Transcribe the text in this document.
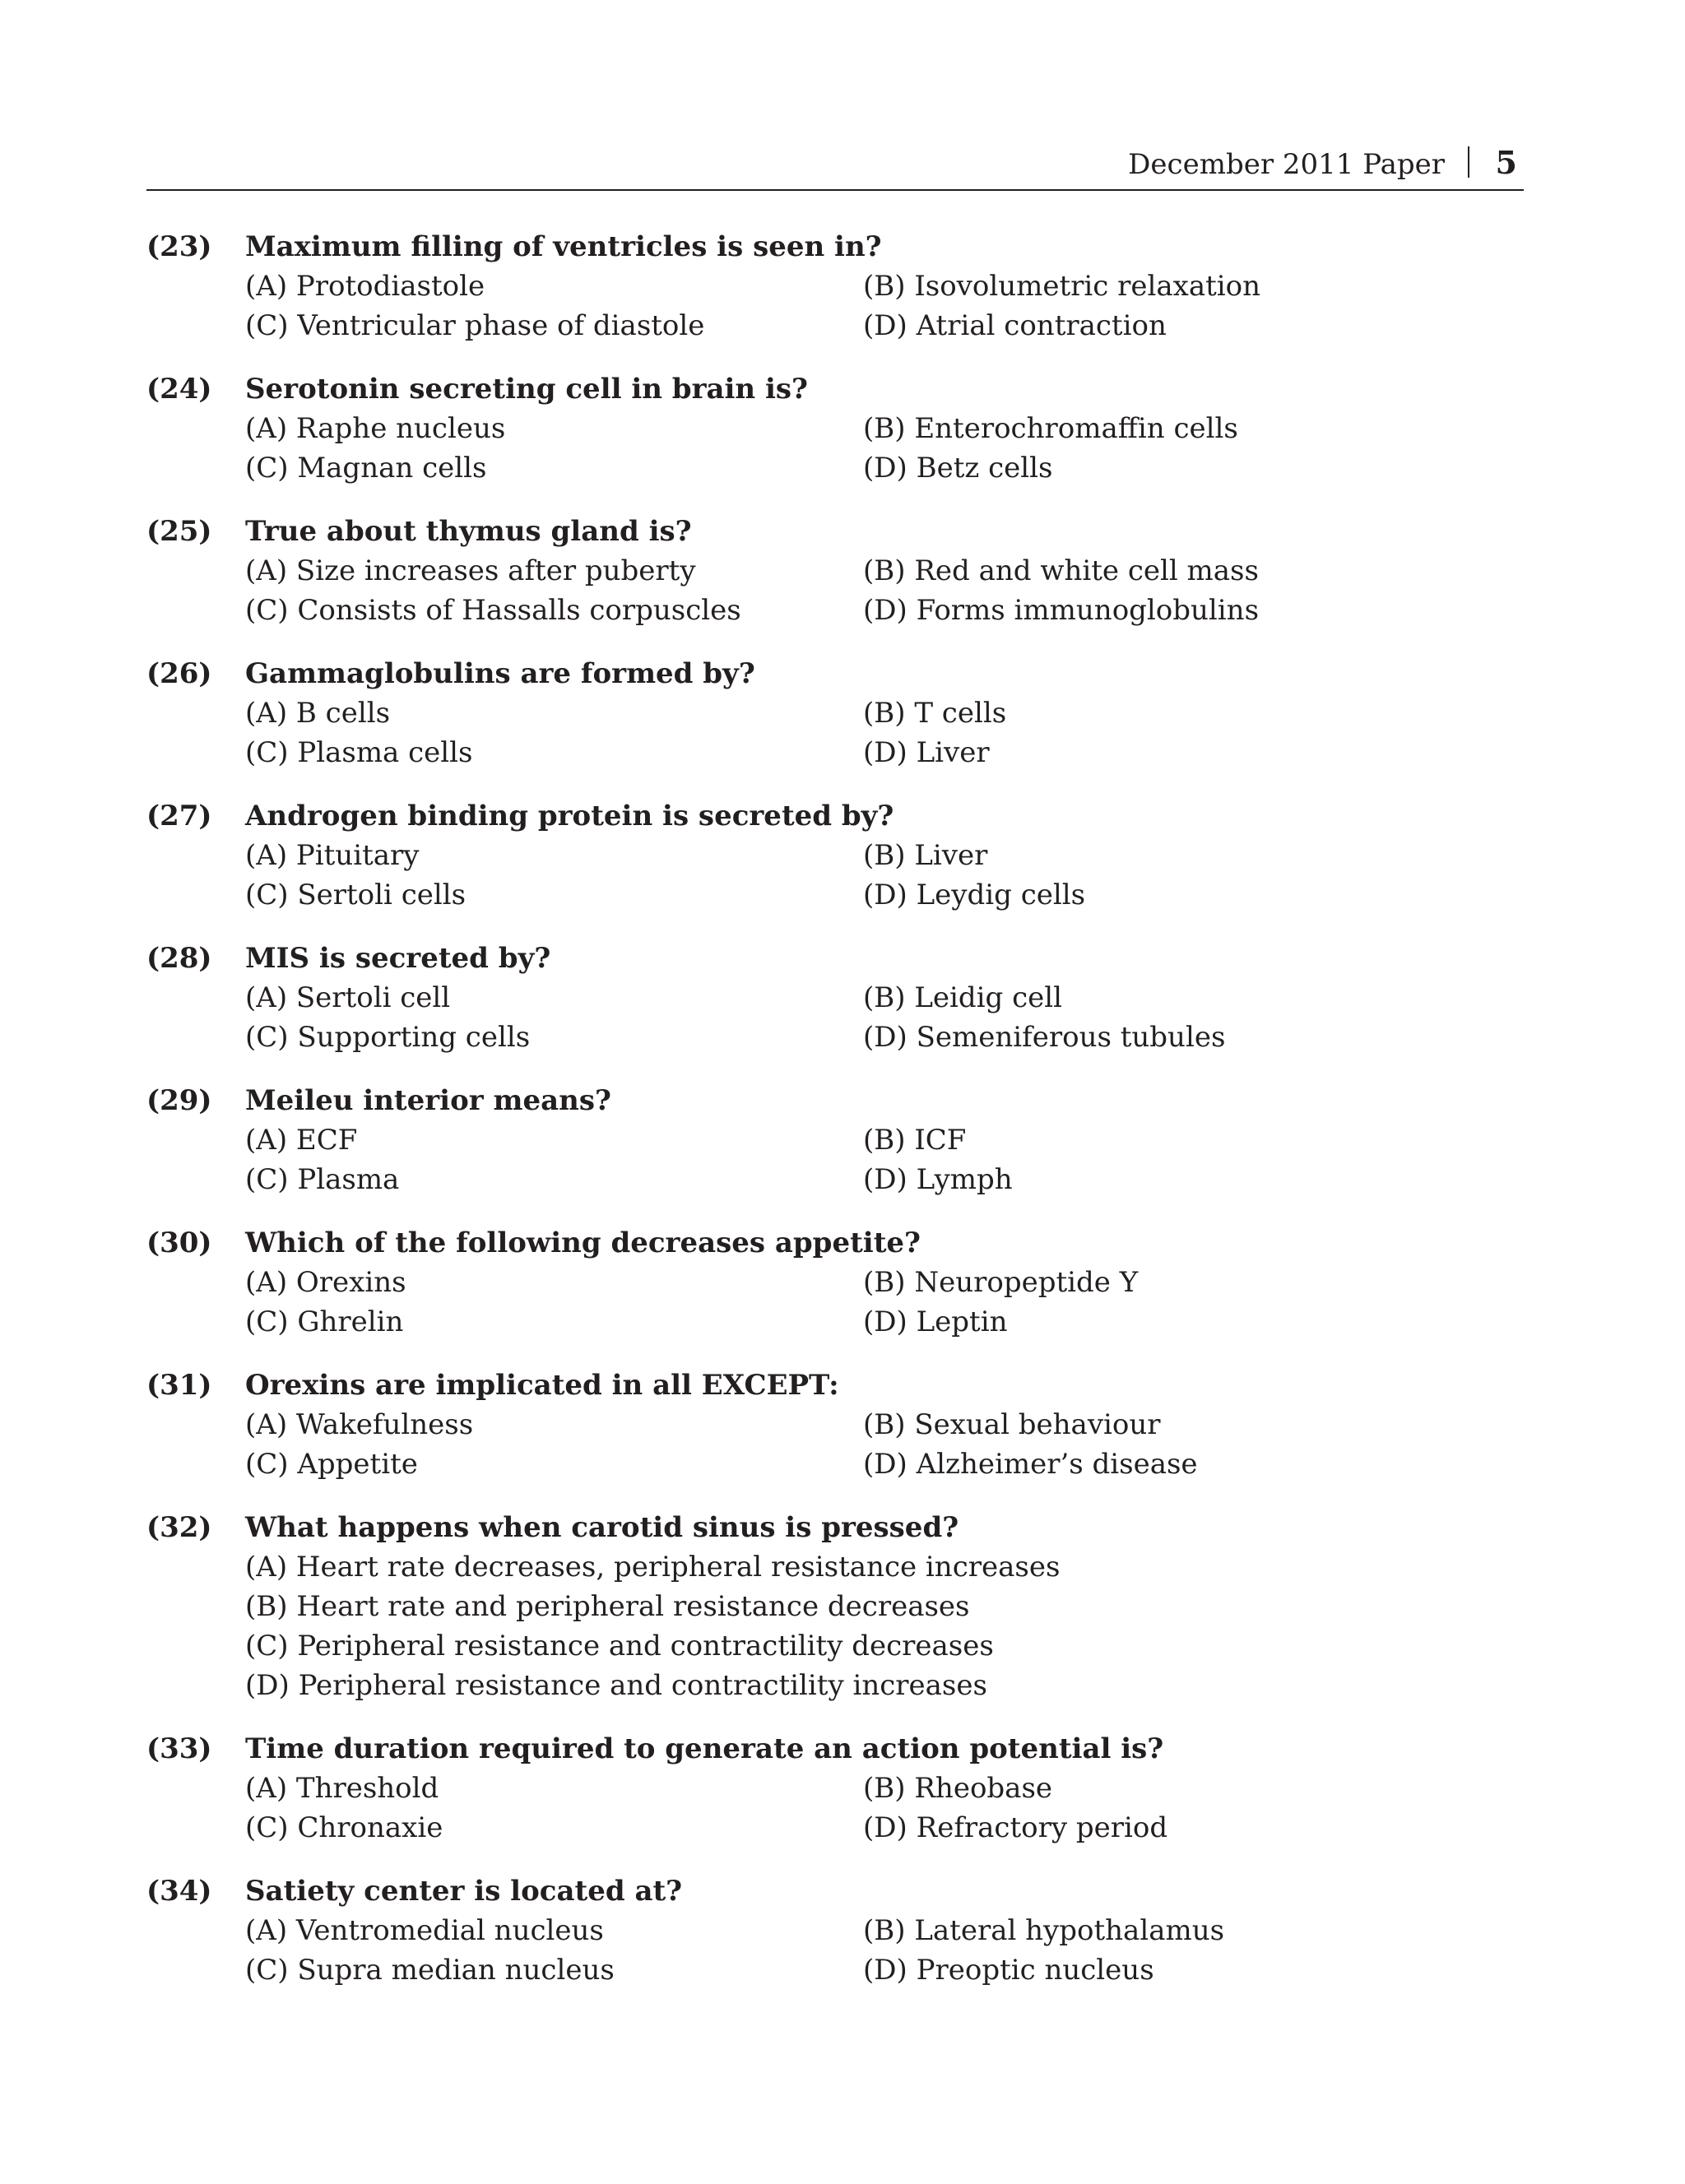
December 2011 Paper 5
(23) Maximum filling of ventricles is seen in?
(A) Protodiastole	(B) Isovolumetric relaxation
(C) Ventricular phase of diastole	(D) Atrial contraction
(24) Serotonin secreting cell in brain is?
(A) Raphe nucleus	(B) Enterochromaffin cells
(C) Magnan cells	(D) Betz cells
(25) True about thymus gland is?
(A) Size increases after puberty	(B) Red and white cell mass
(C) Consists of Hassalls corpuscles	(D) Forms immunoglobulins
(26) Gammaglobulins are formed by?
(A) B cells	(B) T cells
(C) Plasma cells	(D) Liver
(27) Androgen binding protein is secreted by?
(A) Pituitary	(B) Liver
(C) Sertoli cells	(D) Leydig cells
(28) MIS is secreted by?
(A) Sertoli cell	(B) Leidig cell
(C) Supporting cells	(D) Semeniferous tubules
(29) Meileu interior means?
(A) ECF	(B) ICF
(C) Plasma	(D) Lymph
(30) Which of the following decreases appetite?
(A) Orexins	(B) Neuropeptide Y
(C) Ghrelin	(D) Leptin
(31) Orexins are implicated in all EXCEPT:
(A) Wakefulness	(B) Sexual behaviour
(C) Appetite	(D) Alzheimer’s disease
(32) What happens when carotid sinus is pressed?
(A) Heart rate decreases, peripheral resistance increases
(B) Heart rate and peripheral resistance decreases
(C) Peripheral resistance and contractility decreases
(D) Peripheral resistance and contractility increases
(33) Time duration required to generate an action potential is?
(A) Threshold	(B) Rheobase
(C) Chronaxie	(D) Refractory period
(34) Satiety center is located at?
(A) Ventromedial nucleus	(B) Lateral hypothalamus
(C) Supra median nucleus	(D) Preoptic nucleus
